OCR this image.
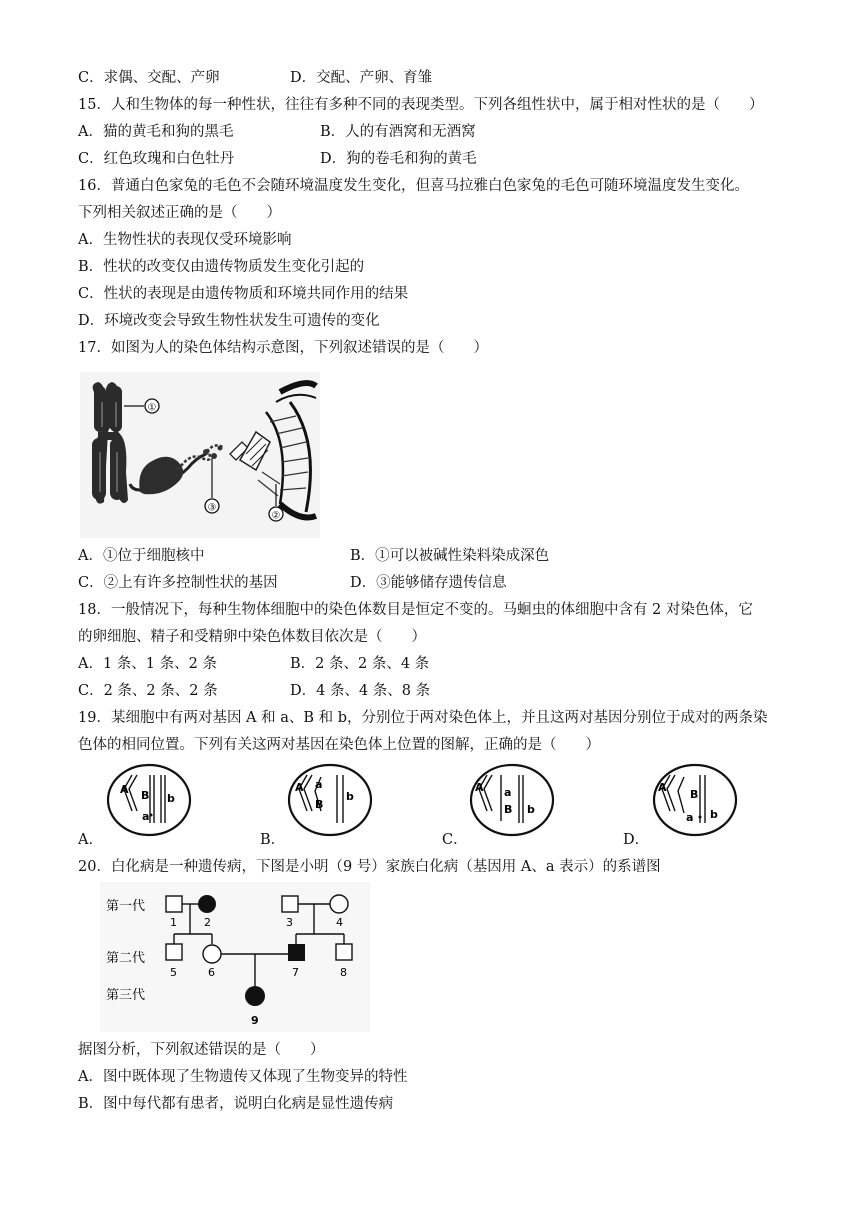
C．求偶、交配、产卵	D．交配、产卵、育雏
15．人和生物体的每一种性状，往往有多种不同的表现类型。下列各组性状中，属于相对性状的是（　　）
A．猫的黄毛和狗的黑毛	B．人的有酒窝和无酒窝
C．红色玫瑰和白色牡丹	D．狗的卷毛和狗的黄毛
16．普通白色家兔的毛色不会随环境温度发生变化，但喜马拉雅白色家兔的毛色可随环境温度发生变化。
下列相关叙述正确的是（　　）
A．生物性状的表现仅受环境影响
B．性状的改变仅由遗传物质发生变化引起的
C．性状的表现是由遗传物质和环境共同作用的结果
D．环境改变会导致生物性状发生可遗传的变化
17．如图为人的染色体结构示意图，下列叙述错误的是（　　）
①
③
②
A．①位于细胞核中	B．①可以被碱性染料染成深色
C．②上有许多控制性状的基因	D．③能够储存遗传信息
18．一般情况下，每种生物体细胞中的染色体数目是恒定不变的。马蛔虫的体细胞中含有 2 对染色体，它
的卵细胞、精子和受精卵中染色体数目依次是（　　）
A．1 条、1 条、2 条	B．2 条、2 条、4 条
C．2 条、2 条、2 条	D．4 条、4 条、8 条
19．某细胞中有两对基因 A 和 a、B 和 b，分别位于两对染色体上，并且这两对基因分别位于成对的两条染
色体的相同位置。下列有关这两对基因在染色体上位置的图解，正确的是（　　）
A B b
a
A．
A a
B
b
B．
A a
B b
C．
A
B
b
a
D．
20．白化病是一种遗传病，下图是小明（9 号）家族白化病（基因用 A、a 表示）的系谱图
第一代
第二代
第三代
1 2	3	4
5	6	7	8
9
据图分析，下列叙述错误的是（　　）
A．图中既体现了生物遗传又体现了生物变异的特性
B．图中每代都有患者，说明白化病是显性遗传病
